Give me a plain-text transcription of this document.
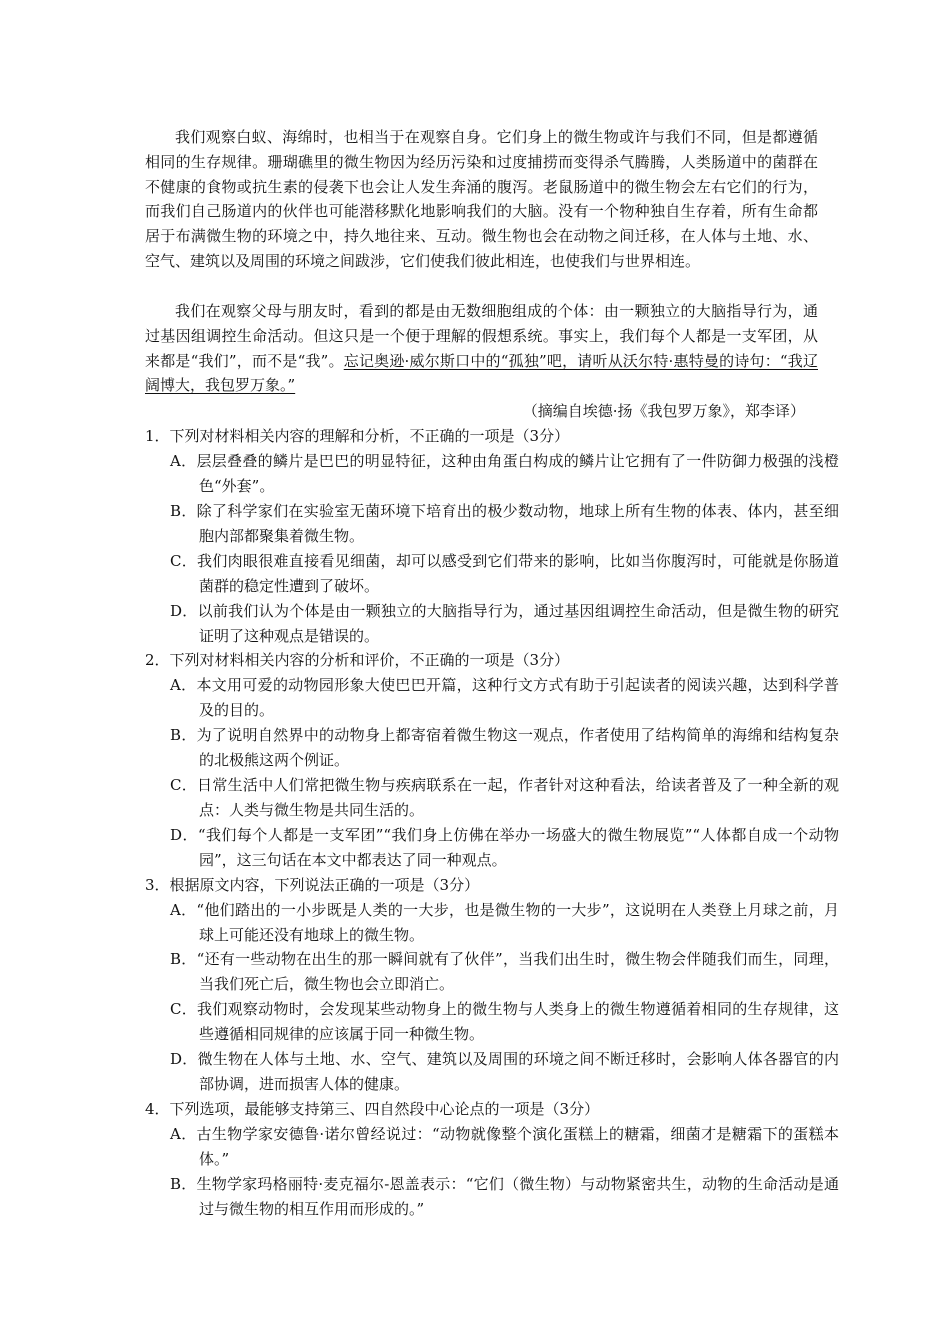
我们观察白蚁、海绵时，也相当于在观察自身。它们身上的微生物或许与我们不同，但是都遵循相同的生存规律。珊瑚礁里的微生物因为经历污染和过度捕捞而变得杀气腾腾，人类肠道中的菌群在不健康的食物或抗生素的侵袭下也会让人发生奔涌的腹泻。老鼠肠道中的微生物会左右它们的行为，而我们自己肠道内的伙伴也可能潜移默化地影响我们的大脑。没有一个物种独自生存着，所有生命都居于布满微生物的环境之中，持久地往来、互动。微生物也会在动物之间迁移，在人体与土地、水、空气、建筑以及周围的环境之间跋涉，它们使我们彼此相连，也使我们与世界相连。

我们在观察父母与朋友时，看到的都是由无数细胞组成的个体：由一颗独立的大脑指导行为，通过基因组调控生命活动。但这只是一个便于理解的假想系统。事实上，我们每个人都是一支军团，从来都是“我们”，而不是“我”。忘记奥逊·威尔斯口中的“孤独”吧，请听从沃尔特·惠特曼的诗句：“我辽阔博大，我包罗万象。”

（摘编自埃德·扬《我包罗万象》，郑李译）

1．下列对材料相关内容的理解和分析，不正确的一项是（3分）

A．层层叠叠的鳞片是巴巴的明显特征，这种由角蛋白构成的鳞片让它拥有了一件防御力极强的浅橙色“外套”。

B．除了科学家们在实验室无菌环境下培育出的极少数动物，地球上所有生物的体表、体内，甚至细胞内部都聚集着微生物。

C．我们肉眼很难直接看见细菌，却可以感受到它们带来的影响，比如当你腹泻时，可能就是你肠道菌群的稳定性遭到了破坏。

D．以前我们认为个体是由一颗独立的大脑指导行为，通过基因组调控生命活动，但是微生物的研究证明了这种观点是错误的。

2．下列对材料相关内容的分析和评价，不正确的一项是（3分）

A．本文用可爱的动物园形象大使巴巴开篇，这种行文方式有助于引起读者的阅读兴趣，达到科学普及的目的。

B．为了说明自然界中的动物身上都寄宿着微生物这一观点，作者使用了结构简单的海绵和结构复杂的北极熊这两个例证。

C．日常生活中人们常把微生物与疾病联系在一起，作者针对这种看法，给读者普及了一种全新的观点：人类与微生物是共同生活的。

D．“我们每个人都是一支军团”“我们身上仿佛在举办一场盛大的微生物展览”“人体都自成一个动物园”，这三句话在本文中都表达了同一种观点。

3．根据原文内容，下列说法正确的一项是（3分）

A．“他们踏出的一小步既是人类的一大步，也是微生物的一大步”，这说明在人类登上月球之前，月球上可能还没有地球上的微生物。

B．“还有一些动物在出生的那一瞬间就有了伙伴”，当我们出生时，微生物会伴随我们而生，同理，当我们死亡后，微生物也会立即消亡。

C．我们观察动物时，会发现某些动物身上的微生物与人类身上的微生物遵循着相同的生存规律，这些遵循相同规律的应该属于同一种微生物。

D．微生物在人体与土地、水、空气、建筑以及周围的环境之间不断迁移时，会影响人体各器官的内部协调，进而损害人体的健康。

4．下列选项，最能够支持第三、四自然段中心论点的一项是（3分）

A．古生物学家安德鲁·诺尔曾经说过：“动物就像整个演化蛋糕上的糖霜，细菌才是糖霜下的蛋糕本体。”

B．生物学家玛格丽特·麦克福尔-恩盖表示：“它们（微生物）与动物紧密共生，动物的生命活动是通过与微生物的相互作用而形成的。”
